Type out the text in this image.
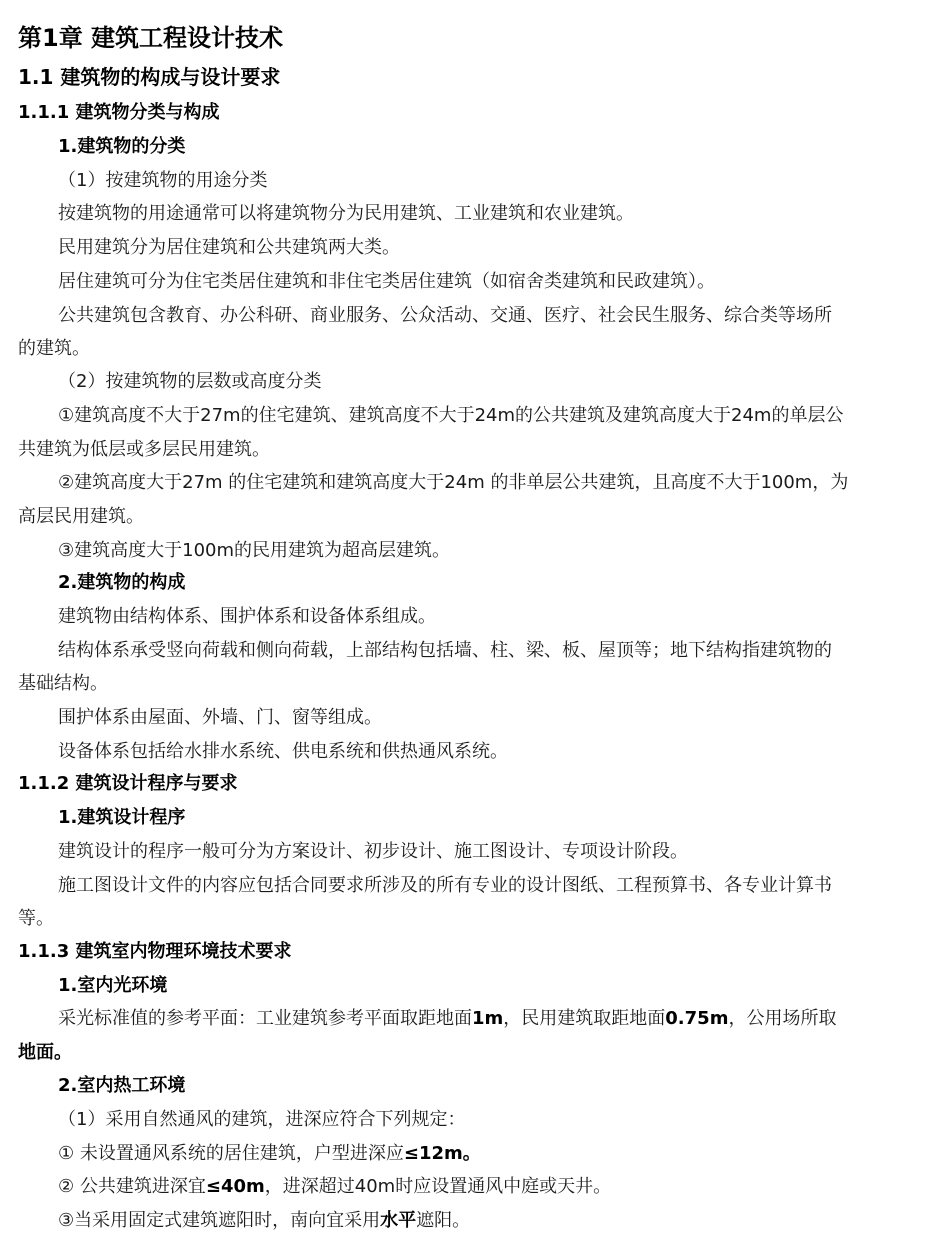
第1章 建筑工程设计技术
1.1 建筑物的构成与设计要求
1.1.1 建筑物分类与构成
1.建筑物的分类
（1）按建筑物的用途分类
按建筑物的用途通常可以将建筑物分为民用建筑、工业建筑和农业建筑。
民用建筑分为居住建筑和公共建筑两大类。
居住建筑可分为住宅类居住建筑和非住宅类居住建筑（如宿舍类建筑和民政建筑）。
公共建筑包含教育、办公科研、商业服务、公众活动、交通、医疗、社会民生服务、综合类等场所
的建筑。
（2）按建筑物的层数或高度分类
①建筑高度不大于27m的住宅建筑、建筑高度不大于24m的公共建筑及建筑高度大于24m的单层公
共建筑为低层或多层民用建筑。
②建筑高度大于27m 的住宅建筑和建筑高度大于24m 的非单层公共建筑，且高度不大于100m，为
高层民用建筑。
③建筑高度大于100m的民用建筑为超高层建筑。
2.建筑物的构成
建筑物由结构体系、围护体系和设备体系组成。
结构体系承受竖向荷载和侧向荷载，上部结构包括墙、柱、梁、板、屋顶等；地下结构指建筑物的
基础结构。
围护体系由屋面、外墙、门、窗等组成。
设备体系包括给水排水系统、供电系统和供热通风系统。
1.1.2 建筑设计程序与要求
1.建筑设计程序
建筑设计的程序一般可分为方案设计、初步设计、施工图设计、专项设计阶段。
施工图设计文件的内容应包括合同要求所涉及的所有专业的设计图纸、工程预算书、各专业计算书
等。
1.1.3 建筑室内物理环境技术要求
1.室内光环境
采光标准值的参考平面：工业建筑参考平面取距地面1m，民用建筑取距地面0.75m，公用场所取
地面。
2.室内热工环境
（1）采用自然通风的建筑，进深应符合下列规定：
① 未设置通风系统的居住建筑，户型进深应≤12m。
② 公共建筑进深宜≤40m，进深超过40m时应设置通风中庭或天井。
③当采用固定式建筑遮阳时，南向宜采用水平遮阳。
